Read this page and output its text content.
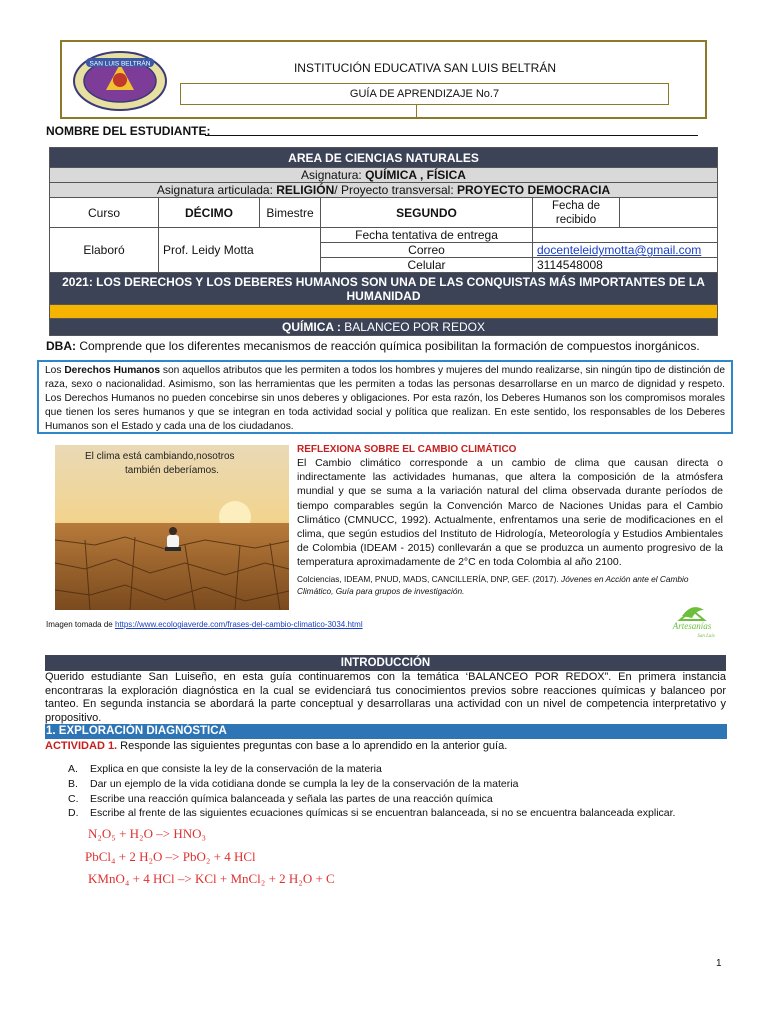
SAN LUIS BELTRÁN	INSTITUCIÓN EDUCATIVA SAN LUIS BELTRÁN
GUÍA DE APRENDIZAJE No.7
NOMBRE DEL ESTUDIANTE:
AREA DE CIENCIAS NATURALES					
Asignatura: QUÍMICA , FÍSICA					
Asignatura articulada: RELIGIÓN/ Proyecto transversal: PROYECTO DEMOCRACIA					
Curso	DÉCIMO	Bimestre	SEGUNDO	Fecha de recibido	
Elaboró	Prof. Leidy Motta		Fecha tentativa de entrega		
			Correo	docenteleidymotta@gmail.com	
			Celular	3114548008	
2021: LOS DERECHOS Y LOS DEBERES HUMANOS SON UNA DE LAS CONQUISTAS MÁS IMPORTANTES DE LA HUMANIDAD					

QUÍMICA : BALANCEO POR REDOX					
DBA: Comprende que los diferentes mecanismos de reacción química posibilitan la formación de compuestos inorgánicos.
Los Derechos Humanos son aquellos atributos que les permiten a todos los hombres y mujeres del mundo realizarse, sin ningún tipo de distinción de raza, sexo o nacionalidad. Asimismo, son las herramientas que les permiten a todas las personas desarrollarse en un marco de dignidad y respeto. Los Derechos Humanos no pueden concebirse sin unos deberes y obligaciones. Por esta razón, los Deberes Humanos son los compromisos morales que tienen los seres humanos y que se integran en toda actividad social y política que realizan. En este sentido, los responsables de los Deberes Humanos son el Estado y cada una de los ciudadanos.
El clima está cambiando,nosotros
también deberíamos.
REFLEXIONA SOBRE EL CAMBIO CLIMÁTICO
El Cambio climático corresponde a un cambio de clima que causan directa o indirectamente las actividades humanas, que altera la composición de la atmósfera mundial y que se suma a la variación natural del clima observada durante períodos de tiempo comparables según la Convención Marco de Naciones Unidas para el Cambio Climático (CMNUCC, 1992). Actualmente, enfrentamos una serie de modificaciones en el clima, que según estudios del Instituto de Hidrología, Meteorología y Estudios Ambientales de Colombia (IDEAM - 2015) conllevarán a que se produzca un aumento progresivo de la temperatura aproximadamente de 2°C en toda Colombia al año 2100.
Colciencias, IDEAM, PNUD, MADS, CANCILLERÍA, DNP, GEF. (2017). Jóvenes en Acción ante el Cambio Climático, Guía para grupos de investigación.
Imagen tomada de https://www.ecologiaverde.com/frases-del-cambio-climatico-3034.html	Artesanías
San Luis
INTRODUCCIÓN
Querido estudiante San Luiseño, en esta guía continuaremos con la temática ‘BALANCEO POR REDOX”. En primera instancia encontraras la exploración diagnóstica en la cual se evidenciará tus conocimientos previos sobre reacciones químicas y balanceo por tanteo. En segunda instancia se abordará la parte conceptual y desarrollaras una actividad con un nivel de competencia interpretativo y propositivo.
1. EXPLORACIÓN DIAGNÓSTICA
ACTIVIDAD 1. Responde las siguientes preguntas con base a lo aprendido en la anterior guía.
A. Explica en que consiste la ley de la conservación de la materia
B. Dar un ejemplo de la vida cotidiana donde se cumpla la ley de la conservación de la materia
C. Escribe una reacción química balanceada y señala las partes de una reacción química
D. Escribe al frente de las siguientes ecuaciones químicas si se encuentran balanceada, si no se encuentra balanceada explicar.
N₂O₅ + H₂O –> HNO₃
PbCl₄ + 2 H₂O –> PbO₂ + 4 HCl
KMnO₄ + 4 HCl –> KCl + MnCl₂ + 2 H₂O + C
1
